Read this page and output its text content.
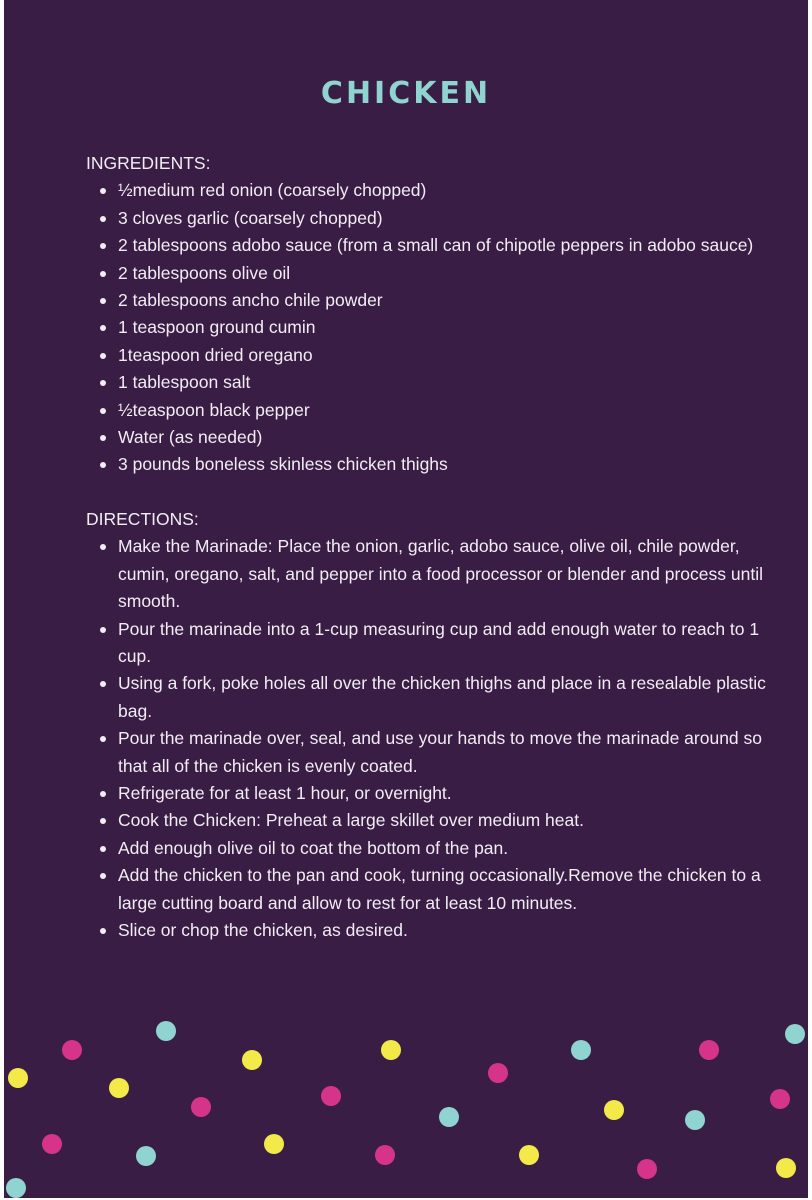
CHICKEN
INGREDIENTS:
½medium red onion (coarsely chopped)
3 cloves garlic (coarsely chopped)
2 tablespoons adobo sauce (from a small can of chipotle peppers in adobo sauce)
2 tablespoons olive oil
2 tablespoons ancho chile powder
1 teaspoon ground cumin
1teaspoon dried oregano
1 tablespoon salt
½teaspoon black pepper
Water (as needed)
3 pounds boneless skinless chicken thighs
DIRECTIONS:
Make the Marinade: Place the onion, garlic, adobo sauce, olive oil, chile powder, cumin, oregano, salt, and pepper into a food processor or blender and process until smooth.
Pour the marinade into a 1-cup measuring cup and add enough water to reach to 1 cup.
Using a fork, poke holes all over the chicken thighs and place in a resealable plastic bag.
Pour the marinade over, seal, and use your hands to move the marinade around so that all of the chicken is evenly coated.
Refrigerate for at least 1 hour, or overnight.
Cook the Chicken: Preheat a large skillet over medium heat.
Add enough olive oil to coat the bottom of the pan.
Add the chicken to the pan and cook, turning occasionally.Remove the chicken to a large cutting board and allow to rest for at least 10 minutes.
Slice or chop the chicken, as desired.
